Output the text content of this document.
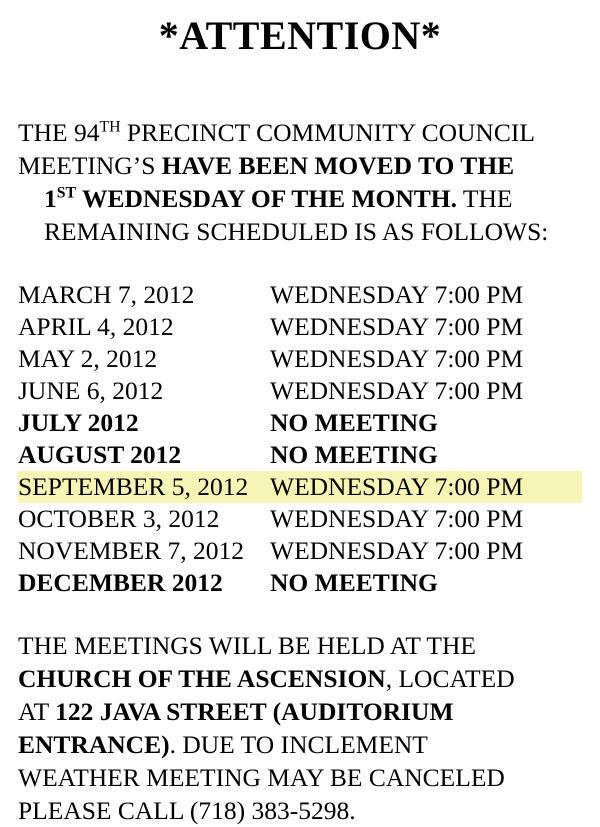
*ATTENTION*
THE 94TH PRECINCT COMMUNITY COUNCIL
MEETING’S HAVE BEEN MOVED TO THE
1ST WEDNESDAY OF THE MONTH. THE
REMAINING SCHEDULED IS AS FOLLOWS:
MARCH 7, 2012	WEDNESDAY 7:00 PM
APRIL 4, 2012	WEDNESDAY 7:00 PM
MAY 2, 2012	WEDNESDAY 7:00 PM
JUNE 6, 2012	WEDNESDAY 7:00 PM
JULY 2012	NO MEETING
AUGUST 2012	NO MEETING
SEPTEMBER 5, 2012 WEDNESDAY 7:00 PM
OCTOBER 3, 2012 WEDNESDAY 7:00 PM
NOVEMBER 7, 2012 WEDNESDAY 7:00 PM
DECEMBER 2012 NO MEETING
THE MEETINGS WILL BE HELD AT THE
CHURCH OF THE ASCENSION, LOCATED
AT 122 JAVA STREET (AUDITORIUM
ENTRANCE). DUE TO INCLEMENT
WEATHER MEETING MAY BE CANCELED
PLEASE CALL (718) 383-5298.
